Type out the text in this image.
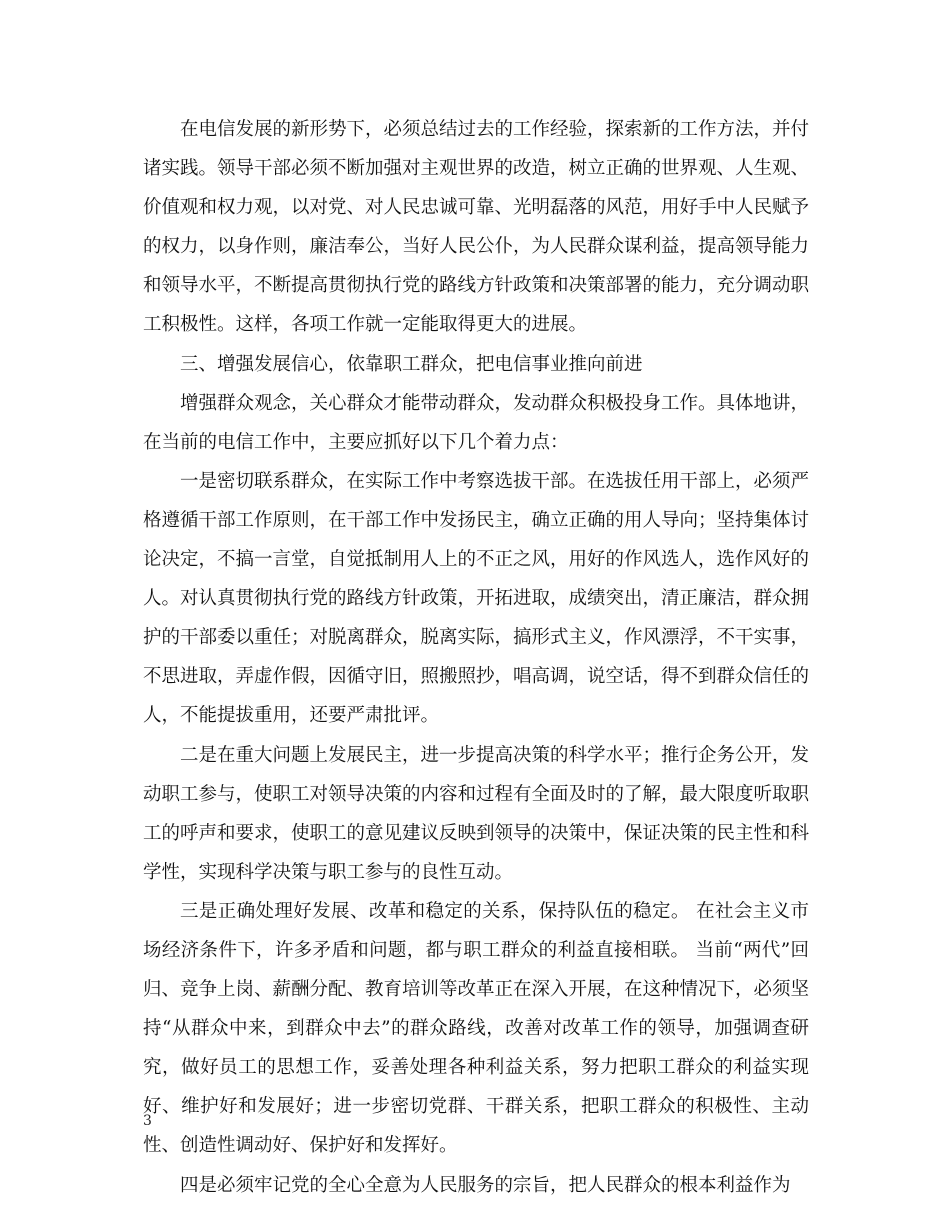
在电信发展的新形势下，必须总结过去的工作经验，探索新的工作方法，并付诸实践。领导干部必须不断加强对主观世界的改造，树立正确的世界观、人生观、价值观和权力观，以对党、对人民忠诚可靠、光明磊落的风范，用好手中人民赋予的权力，以身作则，廉洁奉公，当好人民公仆，为人民群众谋利益，提高领导能力和领导水平，不断提高贯彻执行党的路线方针政策和决策部署的能力，充分调动职工积极性。这样，各项工作就一定能取得更大的进展。

三、增强发展信心，依靠职工群众，把电信事业推向前进

增强群众观念，关心群众才能带动群众，发动群众积极投身工作。具体地讲，在当前的电信工作中，主要应抓好以下几个着力点：

一是密切联系群众，在实际工作中考察选拔干部。在选拔任用干部上，必须严格遵循干部工作原则，在干部工作中发扬民主，确立正确的用人导向；坚持集体讨论决定，不搞一言堂，自觉抵制用人上的不正之风，用好的作风选人，选作风好的人。对认真贯彻执行党的路线方针政策，开拓进取，成绩突出，清正廉洁，群众拥护的干部委以重任；对脱离群众，脱离实际，搞形式主义，作风漂浮，不干实事，不思进取，弄虚作假，因循守旧，照搬照抄，唱高调，说空话，得不到群众信任的人，不能提拔重用，还要严肃批评。

二是在重大问题上发展民主，进一步提高决策的科学水平；推行企务公开，发动职工参与，使职工对领导决策的内容和过程有全面及时的了解，最大限度听取职工的呼声和要求，使职工的意见建议反映到领导的决策中，保证决策的民主性和科学性，实现科学决策与职工参与的良性互动。

三是正确处理好发展、改革和稳定的关系，保持队伍的稳定。 在社会主义市场经济条件下，许多矛盾和问题，都与职工群众的利益直接相联。 当前“两代”回归、竞争上岗、薪酬分配、教育培训等改革正在深入开展，在这种情况下，必须坚持“从群众中来，到群众中去”的群众路线，改善对改革工作的领导，加强调查研究，做好员工的思想工作，妥善处理各种利益关系，努力把职工群众的利益实现好、维护好和发展好；进一步密切党群、干群关系，把职工群众的积极性、主动性、创造性调动好、保护好和发挥好。

四是必须牢记党的全心全意为人民服务的宗旨，把人民群众的根本利益作为

3
